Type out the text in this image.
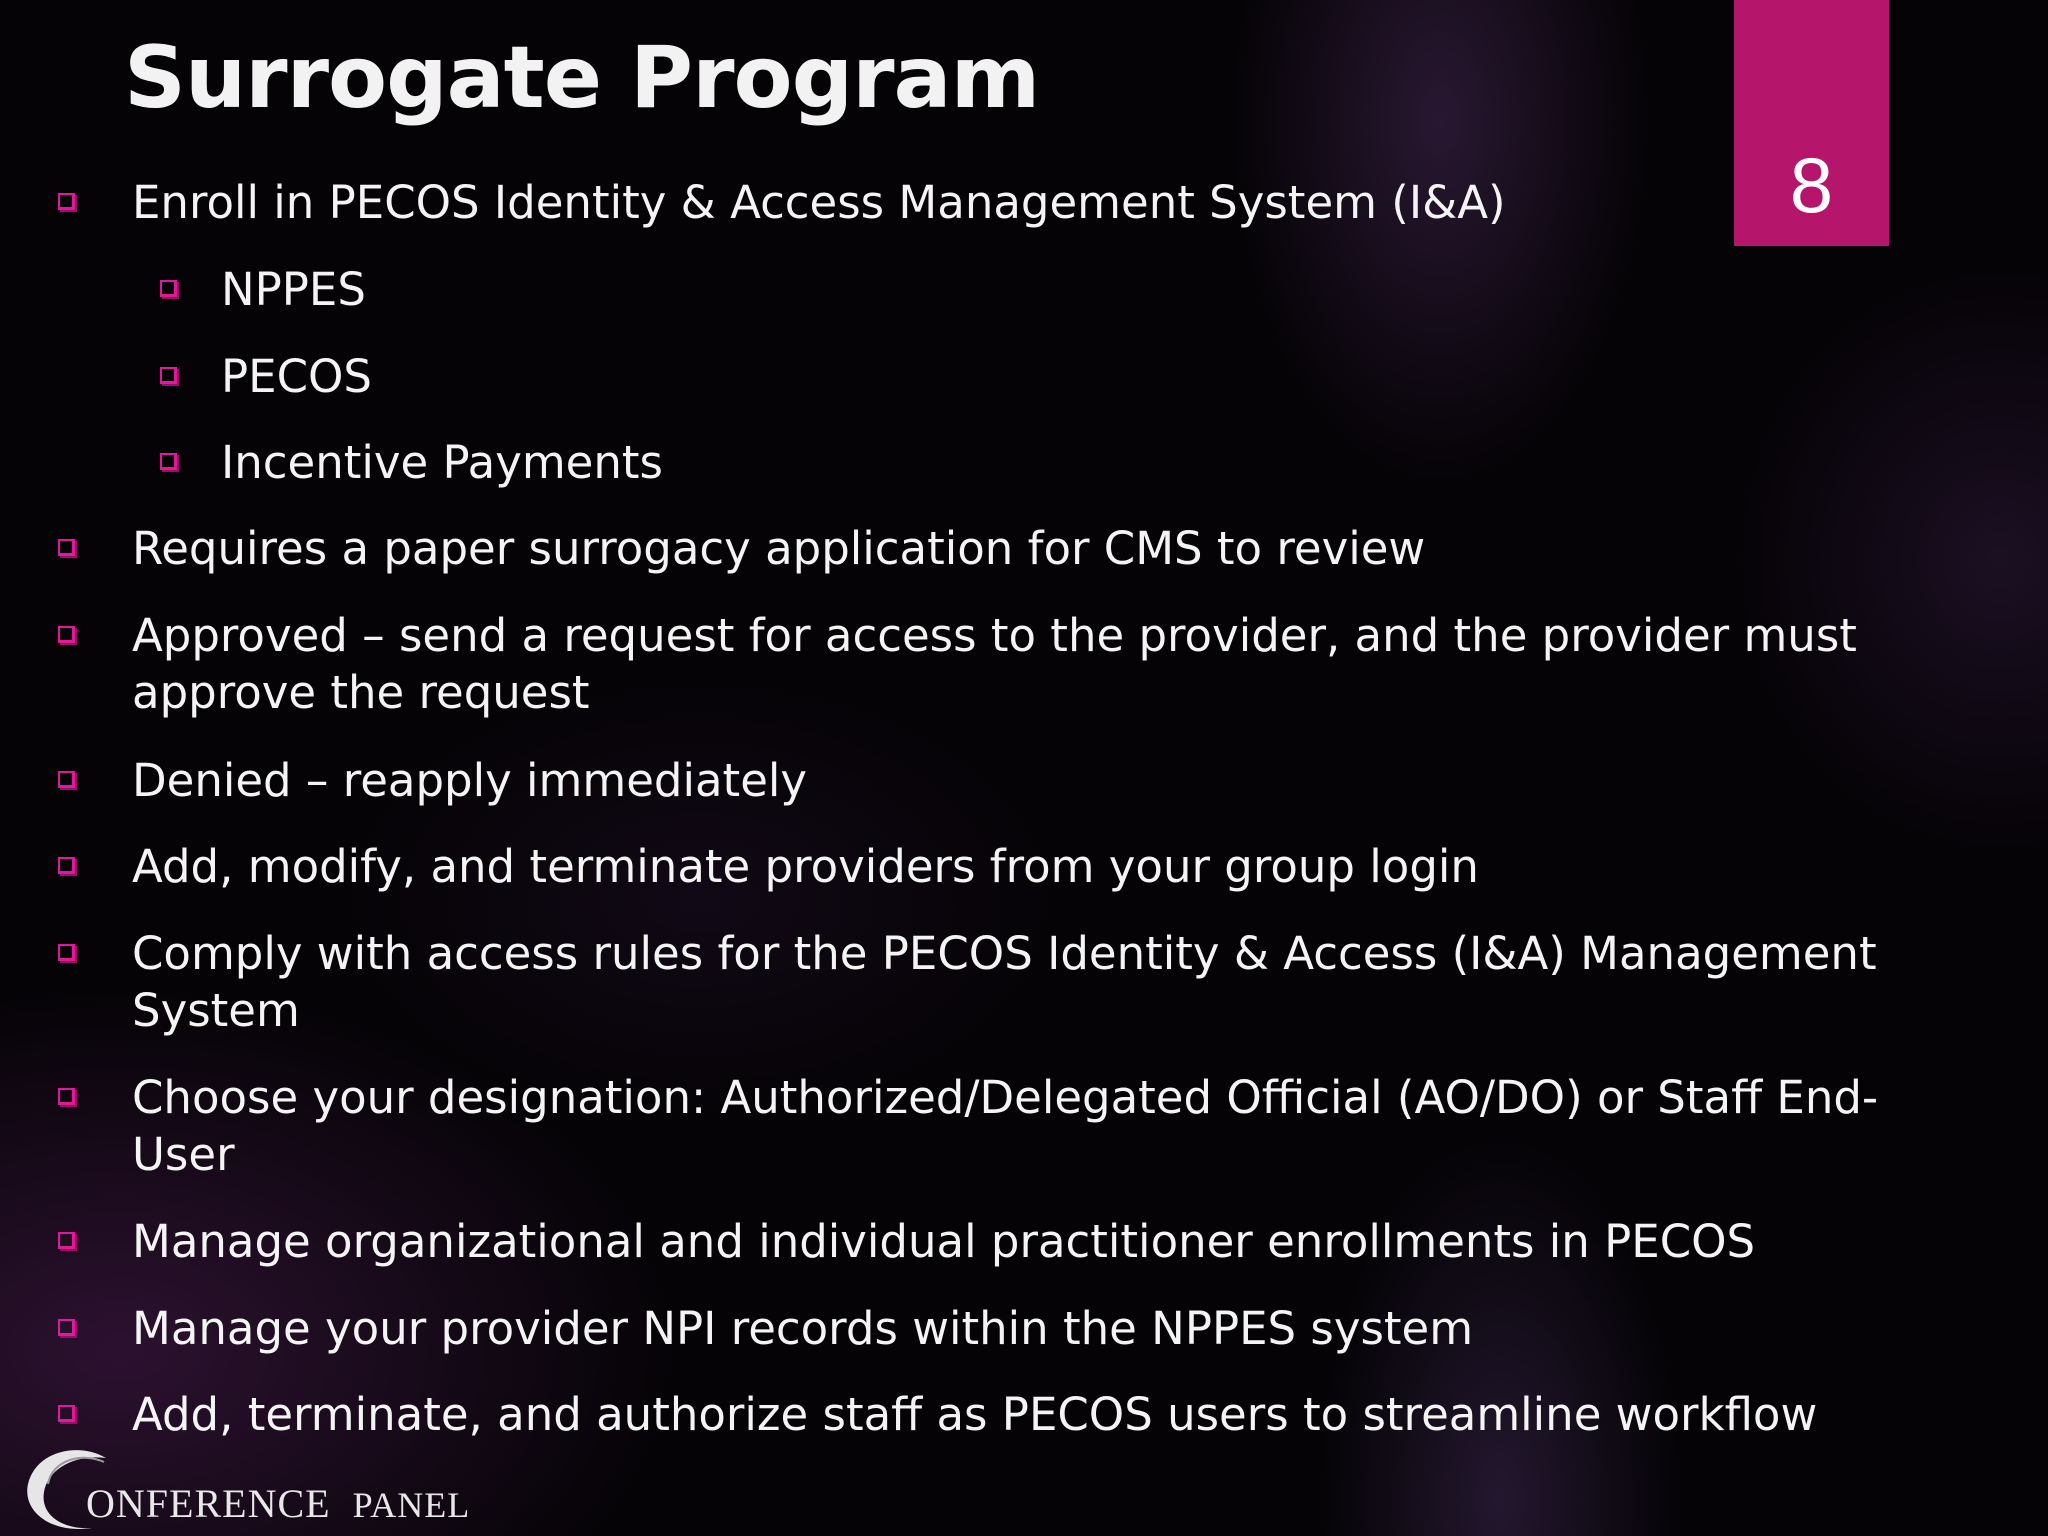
Surrogate Program
8
Enroll in PECOS Identity & Access Management System (I&A)
NPPES
PECOS
Incentive Payments
Requires a paper surrogacy application for CMS to review
Approved – send a request for access to the provider, and the provider must
approve the request
Denied – reapply immediately
Add, modify, and terminate providers from your group login
Comply with access rules for the PECOS Identity & Access (I&A) Management
System
Choose your designation: Authorized/Delegated Official (AO/DO) or Staff End-
User
Manage organizational and individual practitioner enrollments in PECOS
Manage your provider NPI records within the NPPES system
Add, terminate, and authorize staff as PECOS users to streamline workflow
ONFERENCE PANEL
